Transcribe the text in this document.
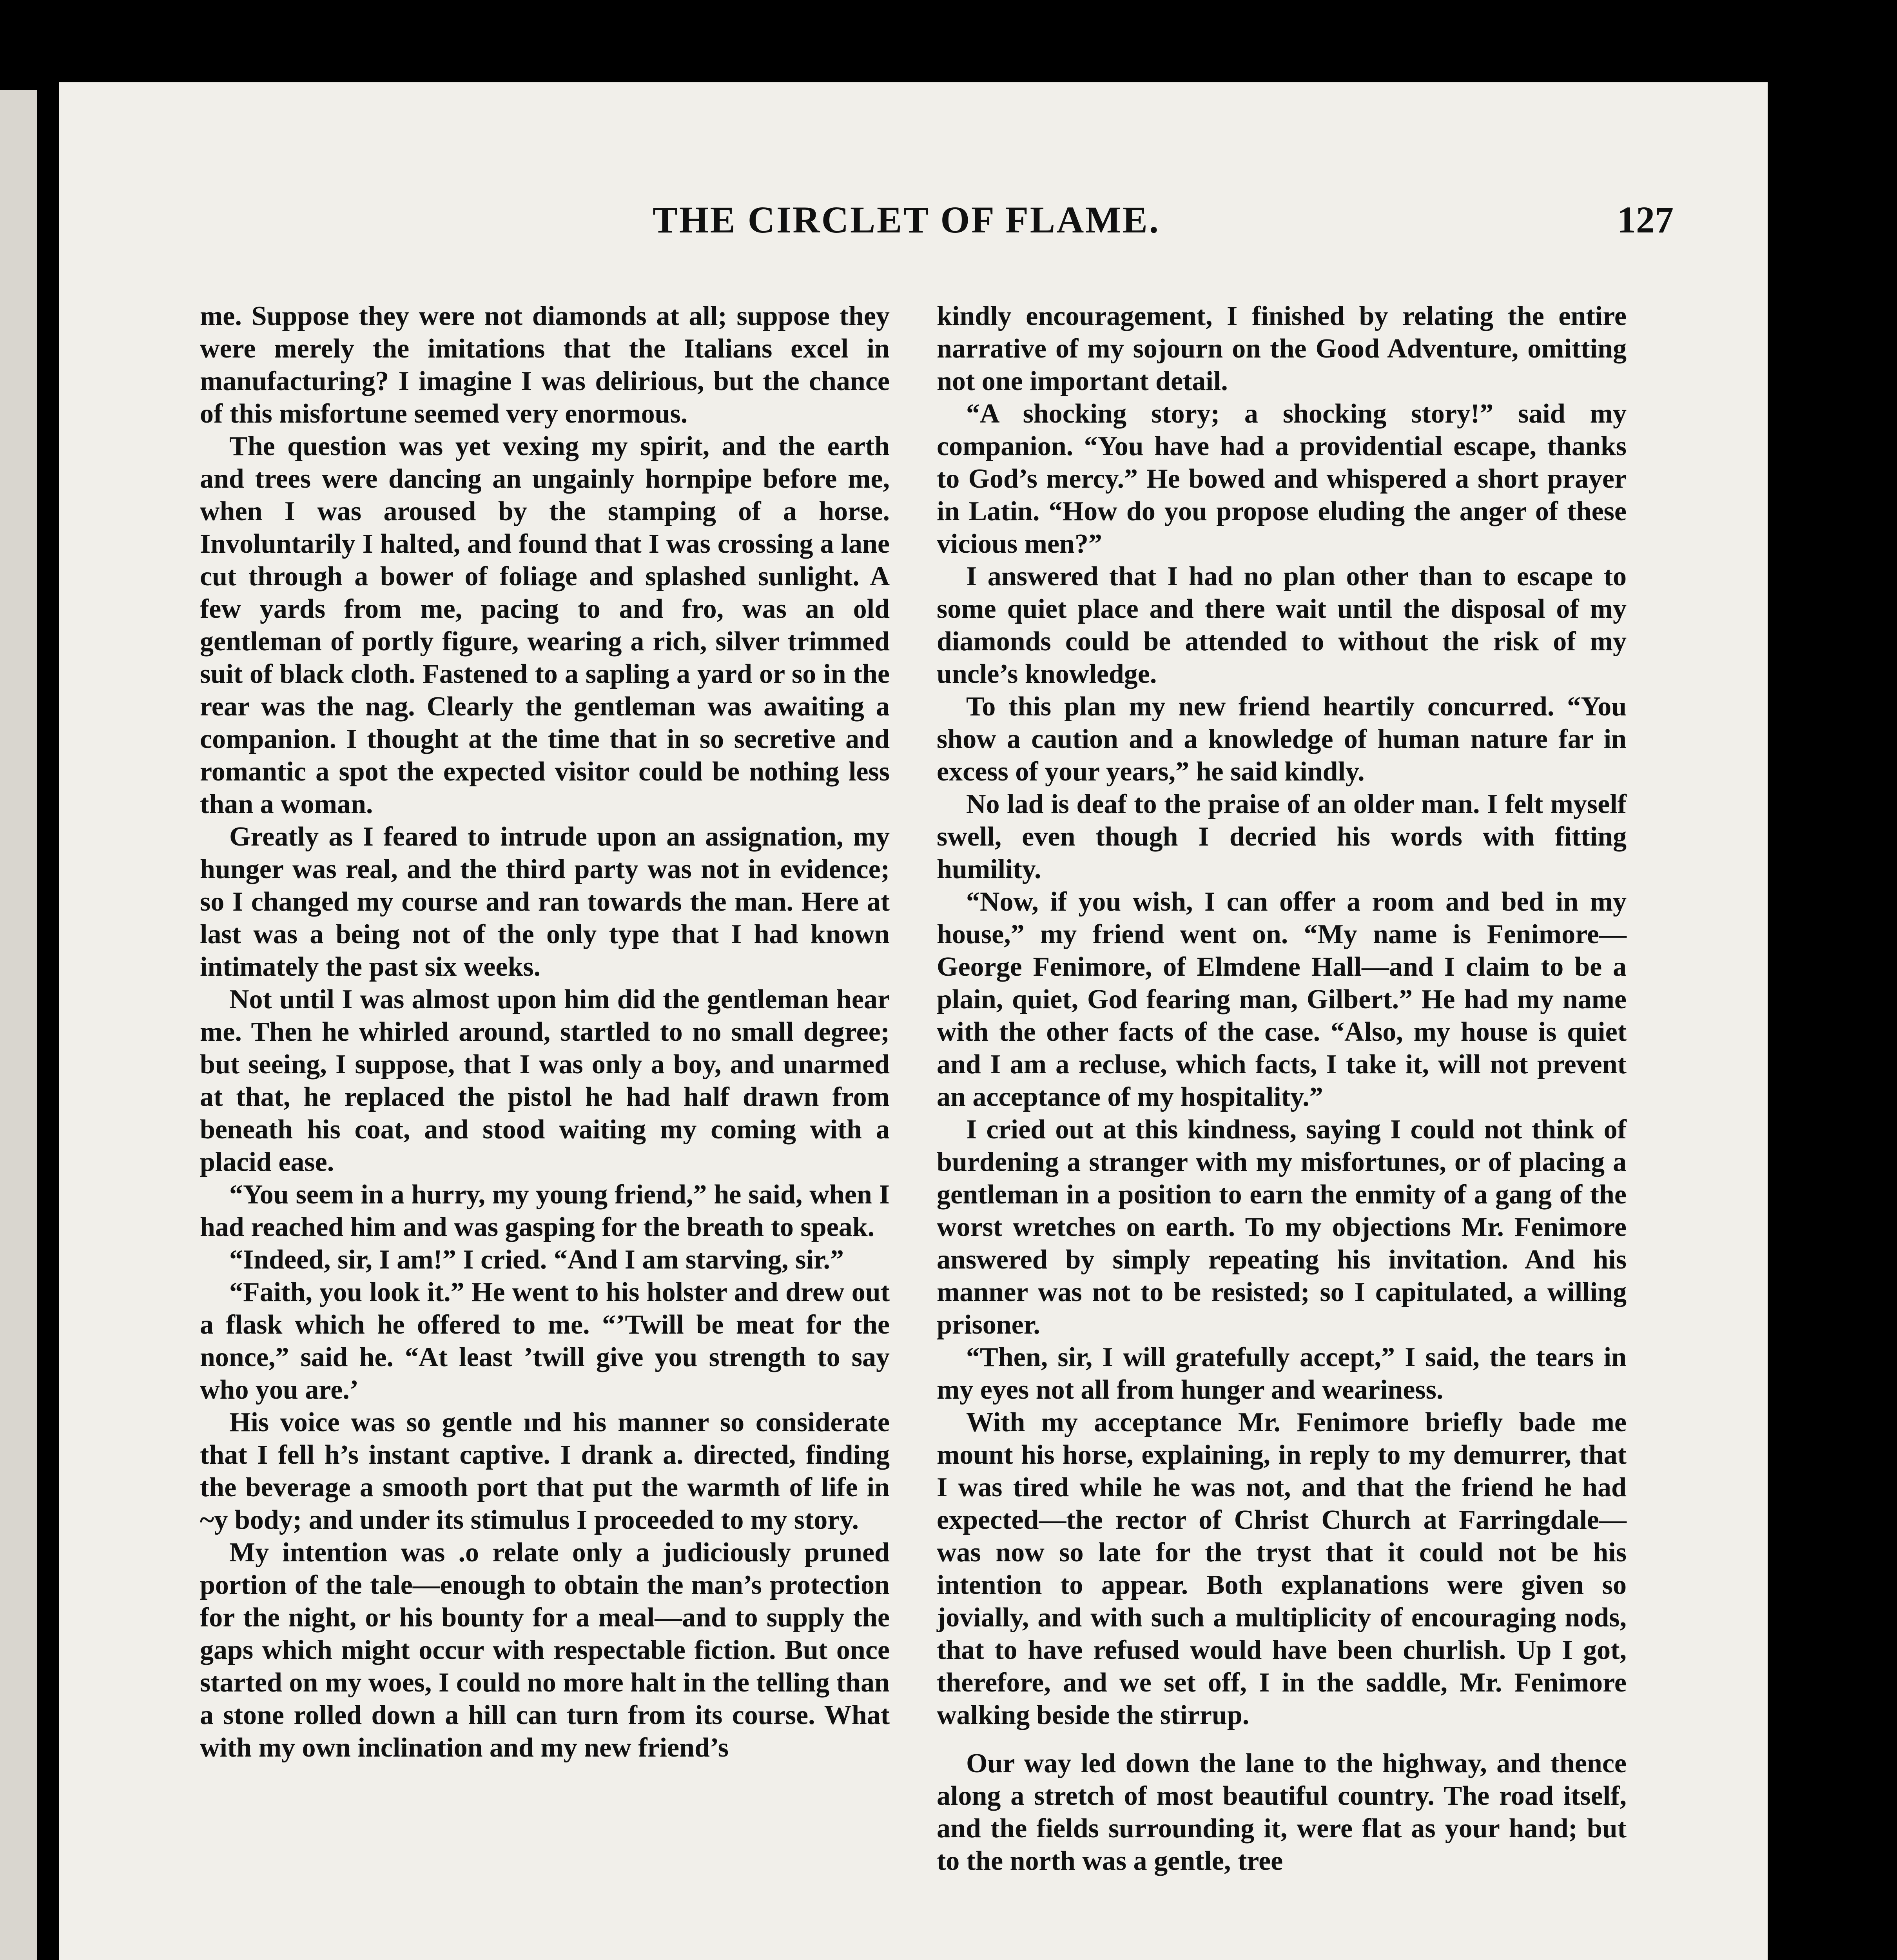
THE CIRCLET OF FLAME.	127

me. Suppose they were not diamonds at all; suppose they were merely the imitations that the Italians excel in manufacturing? I imagine I was delirious, but the chance of this misfortune seemed very enormous.

The question was yet vexing my spirit, and the earth and trees were dancing an ungainly hornpipe before me, when I was aroused by the stamping of a horse. Involuntarily I halted, and found that I was crossing a lane cut through a bower of foliage and splashed sunlight. A few yards from me, pacing to and fro, was an old gentleman of portly figure, wearing a rich, silver trimmed suit of black cloth. Fastened to a sapling a yard or so in the rear was the nag. Clearly the gentleman was awaiting a companion. I thought at the time that in so secretive and romantic a spot the expected visitor could be nothing less than a woman.

Greatly as I feared to intrude upon an assignation, my hunger was real, and the third party was not in evidence; so I changed my course and ran towards the man. Here at last was a being not of the only type that I had known intimately the past six weeks.

Not until I was almost upon him did the gentleman hear me. Then he whirled around, startled to no small degree; but seeing, I suppose, that I was only a boy, and unarmed at that, he replaced the pistol he had half drawn from beneath his coat, and stood waiting my coming with a placid ease.

“You seem in a hurry, my young friend,” he said, when I had reached him and was gasping for the breath to speak.

“Indeed, sir, I am!” I cried. “And I am starving, sir.”

“Faith, you look it.” He went to his holster and drew out a flask which he offered to me. “’Twill be meat for the nonce,” said he. “At least ’twill give you strength to say who you are.’

His voice was so gentle ınd his manner so considerate that I fell h’s instant captive. I drank a. directed, finding the beverage a smooth port that put the warmth of life in ~y body; and under its stimulus I proceeded to my story.

My intention was .o relate only a judiciously pruned portion of the tale—enough to obtain the man’s protection for the night, or his bounty for a meal—and to supply the gaps which might occur with respectable fiction. But once started on my woes, I could no more halt in the telling than a stone rolled down a hill can turn from its course. What with my own inclination and my new friend’s

kindly encouragement, I finished by relating the entire narrative of my sojourn on the Good Adventure, omitting not one important detail.

“A shocking story; a shocking story!” said my companion. “You have had a providential escape, thanks to God’s mercy.” He bowed and whispered a short prayer in Latin. “How do you propose eluding the anger of these vicious men?”

I answered that I had no plan other than to escape to some quiet place and there wait until the disposal of my diamonds could be attended to without the risk of my uncle’s knowledge.

To this plan my new friend heartily concurred. “You show a caution and a knowledge of human nature far in excess of your years,” he said kindly.

No lad is deaf to the praise of an older man. I felt myself swell, even though I decried his words with fitting humility.

“Now, if you wish, I can offer a room and bed in my house,” my friend went on. “My name is Fenimore—George Fenimore, of Elmdene Hall—and I claim to be a plain, quiet, God fearing man, Gilbert.” He had my name with the other facts of the case. “Also, my house is quiet and I am a recluse, which facts, I take it, will not prevent an acceptance of my hospitality.”

I cried out at this kindness, saying I could not think of burdening a stranger with my misfortunes, or of placing a gentleman in a position to earn the enmity of a gang of the worst wretches on earth. To my objections Mr. Fenimore answered by simply repeating his invitation. And his manner was not to be resisted; so I capitulated, a willing prisoner.

“Then, sir, I will gratefully accept,” I said, the tears in my eyes not all from hunger and weariness.

With my acceptance Mr. Fenimore briefly bade me mount his horse, explaining, in reply to my demurrer, that I was tired while he was not, and that the friend he had expected—the rector of Christ Church at Farringdale—was now so late for the tryst that it could not be his intention to appear. Both explanations were given so jovially, and with such a multiplicity of encouraging nods, that to have refused would have been churlish. Up I got, therefore, and we set off, I in the saddle, Mr. Fenimore walking beside the stirrup.

Our way led down the lane to the highway, and thence along a stretch of most beautiful country. The road itself, and the fields surrounding it, were flat as your hand; but to the north was a gentle, tree
